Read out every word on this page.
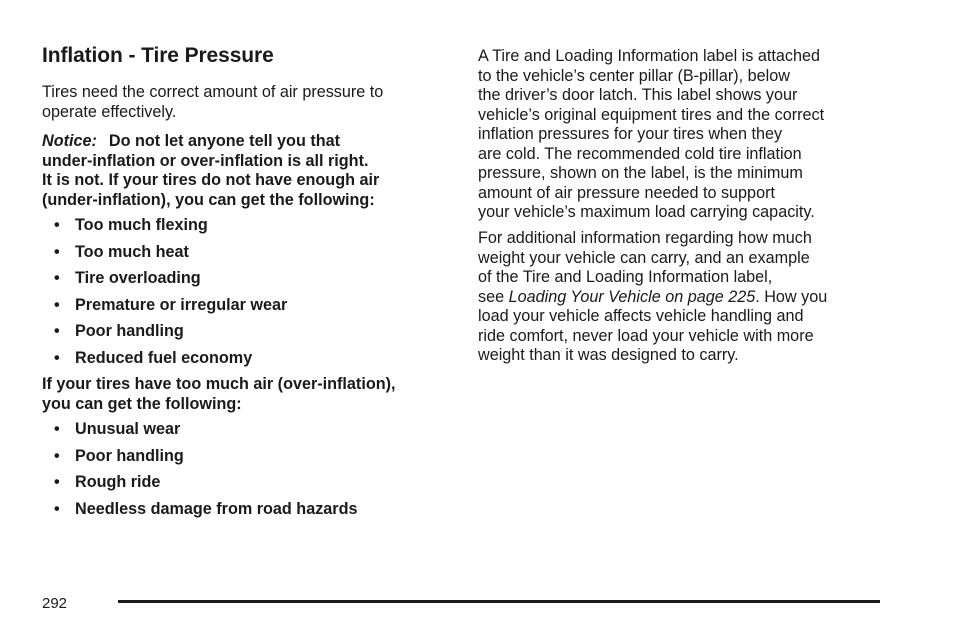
Inflation - Tire Pressure

Tires need the correct amount of air pressure to
operate effectively.

Notice: Do not let anyone tell you that
under-inflation or over-inflation is all right.
It is not. If your tires do not have enough air
(under-inflation), you can get the following:

• Too much flexing
• Too much heat
• Tire overloading
• Premature or irregular wear
• Poor handling
• Reduced fuel economy

If your tires have too much air (over-inflation),
you can get the following:

• Unusual wear
• Poor handling
• Rough ride
• Needless damage from road hazards

A Tire and Loading Information label is attached
to the vehicle’s center pillar (B-pillar), below
the driver’s door latch. This label shows your
vehicle’s original equipment tires and the correct
inflation pressures for your tires when they
are cold. The recommended cold tire inflation
pressure, shown on the label, is the minimum
amount of air pressure needed to support
your vehicle’s maximum load carrying capacity.

For additional information regarding how much
weight your vehicle can carry, and an example
of the Tire and Loading Information label,
see Loading Your Vehicle on page 225. How you
load your vehicle affects vehicle handling and
ride comfort, never load your vehicle with more
weight than it was designed to carry.

292
